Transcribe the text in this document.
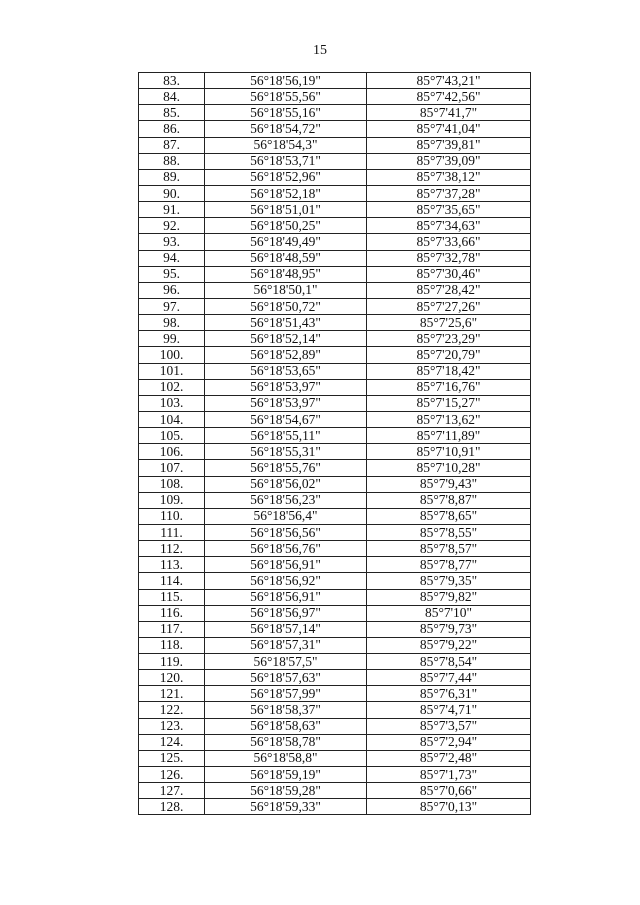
15
83.	56°18'56,19"	85°7'43,21"
84.	56°18'55,56"	85°7'42,56"
85.	56°18'55,16"	85°7'41,7"
86.	56°18'54,72"	85°7'41,04"
87.	56°18'54,3"	85°7'39,81"
88.	56°18'53,71"	85°7'39,09"
89.	56°18'52,96"	85°7'38,12"
90.	56°18'52,18"	85°7'37,28"
91.	56°18'51,01"	85°7'35,65"
92.	56°18'50,25"	85°7'34,63"
93.	56°18'49,49"	85°7'33,66"
94.	56°18'48,59"	85°7'32,78"
95.	56°18'48,95"	85°7'30,46"
96.	56°18'50,1"	85°7'28,42"
97.	56°18'50,72"	85°7'27,26"
98.	56°18'51,43"	85°7'25,6"
99.	56°18'52,14"	85°7'23,29"
100.	56°18'52,89"	85°7'20,79"
101.	56°18'53,65"	85°7'18,42"
102.	56°18'53,97"	85°7'16,76"
103.	56°18'53,97"	85°7'15,27"
104.	56°18'54,67"	85°7'13,62"
105.	56°18'55,11"	85°7'11,89"
106.	56°18'55,31"	85°7'10,91"
107.	56°18'55,76"	85°7'10,28"
108.	56°18'56,02"	85°7'9,43"
109.	56°18'56,23"	85°7'8,87"
110.	56°18'56,4"	85°7'8,65"
111.	56°18'56,56"	85°7'8,55"
112.	56°18'56,76"	85°7'8,57"
113.	56°18'56,91"	85°7'8,77"
114.	56°18'56,92"	85°7'9,35"
115.	56°18'56,91"	85°7'9,82"
116.	56°18'56,97"	85°7'10"
117.	56°18'57,14"	85°7'9,73"
118.	56°18'57,31"	85°7'9,22"
119.	56°18'57,5"	85°7'8,54"
120.	56°18'57,63"	85°7'7,44"
121.	56°18'57,99"	85°7'6,31"
122.	56°18'58,37"	85°7'4,71"
123.	56°18'58,63"	85°7'3,57"
124.	56°18'58,78"	85°7'2,94"
125.	56°18'58,8"	85°7'2,48"
126.	56°18'59,19"	85°7'1,73"
127.	56°18'59,28"	85°7'0,66"
128.	56°18'59,33"	85°7'0,13"
